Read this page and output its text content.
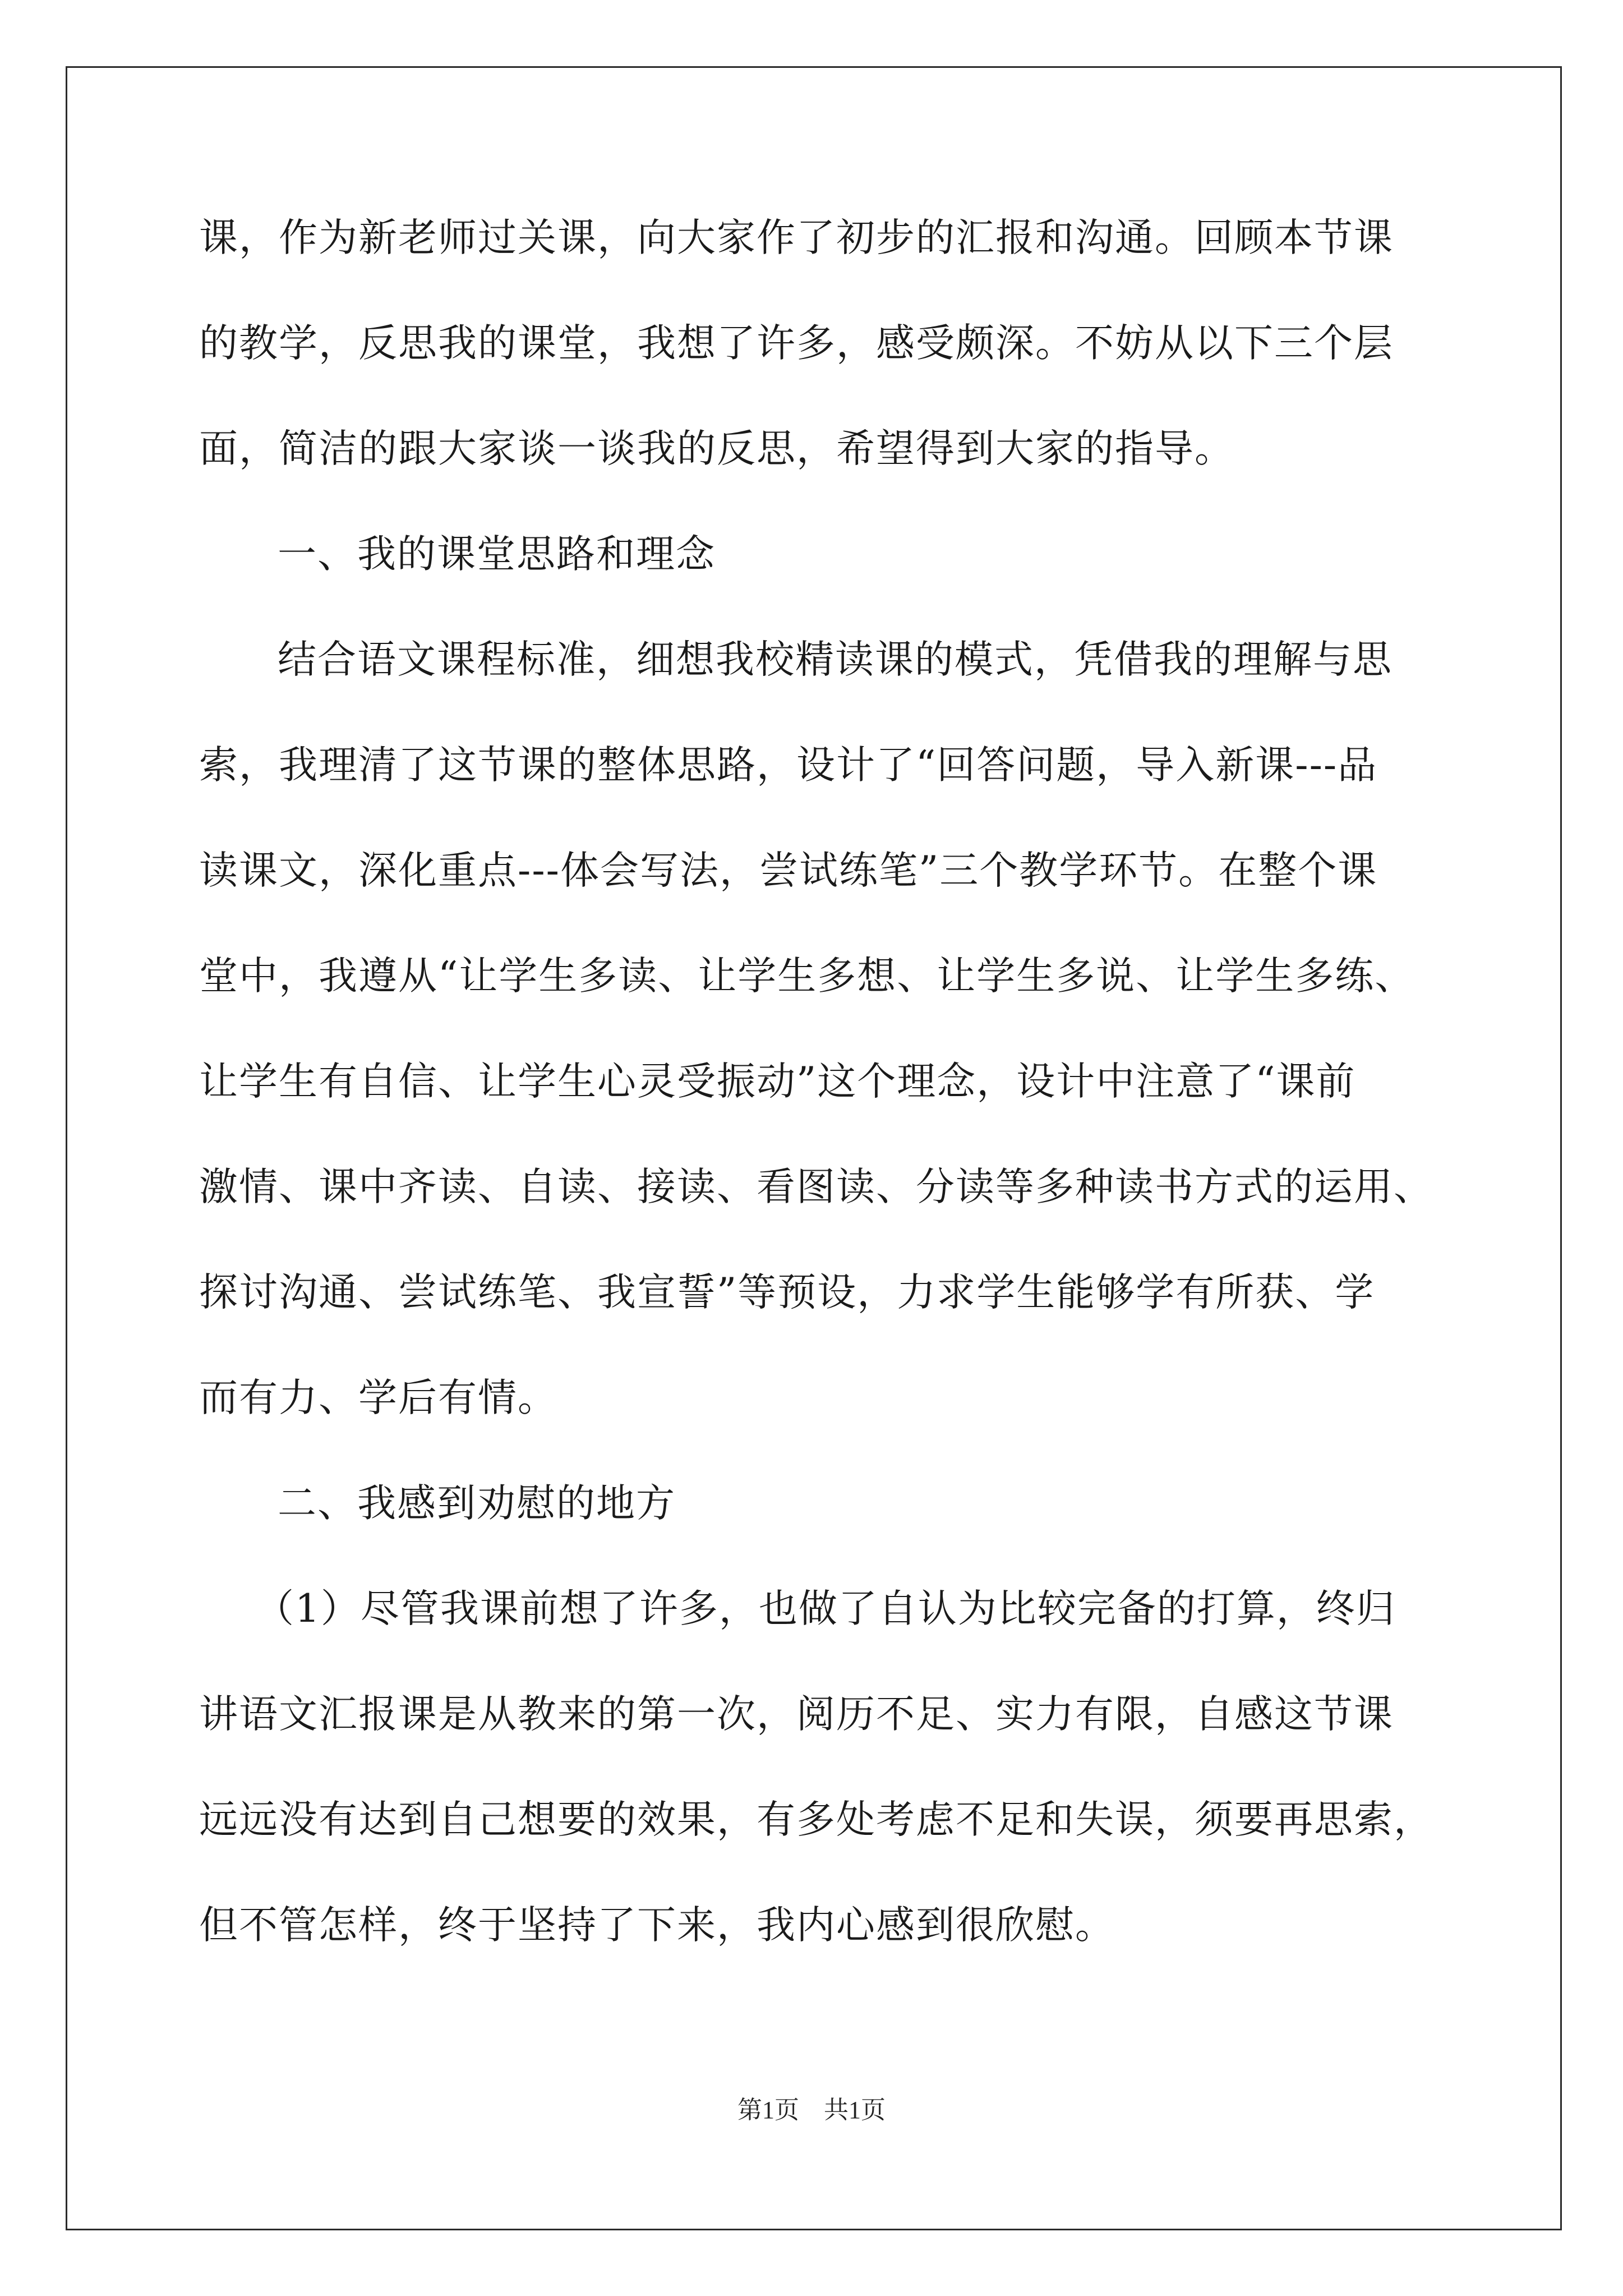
课，作为新老师过关课，向大家作了初步的汇报和沟通。回顾本节课
的教学，反思我的课堂，我想了许多，感受颇深。不妨从以下三个层
面，简洁的跟大家谈一谈我的反思，希望得到大家的指导。
一、我的课堂思路和理念
结合语文课程标准，细想我校精读课的模式，凭借我的理解与思
索，我理清了这节课的整体思路，设计了“回答问题，导入新课---品
读课文，深化重点---体会写法，尝试练笔”三个教学环节。在整个课
堂中，我遵从“让学生多读、让学生多想、让学生多说、让学生多练、
让学生有自信、让学生心灵受振动”这个理念，设计中注意了“课前
激情、课中齐读、自读、接读、看图读、分读等多种读书方式的运用、
探讨沟通、尝试练笔、我宣誓”等预设，力求学生能够学有所获、学
而有力、学后有情。
二、我感到劝慰的地方
（1）尽管我课前想了许多，也做了自认为比较完备的打算，终归
讲语文汇报课是从教来的第一次，阅历不足、实力有限，自感这节课
远远没有达到自己想要的效果，有多处考虑不足和失误，须要再思索，
但不管怎样，终于坚持了下来，我内心感到很欣慰。
第1页 共1页
